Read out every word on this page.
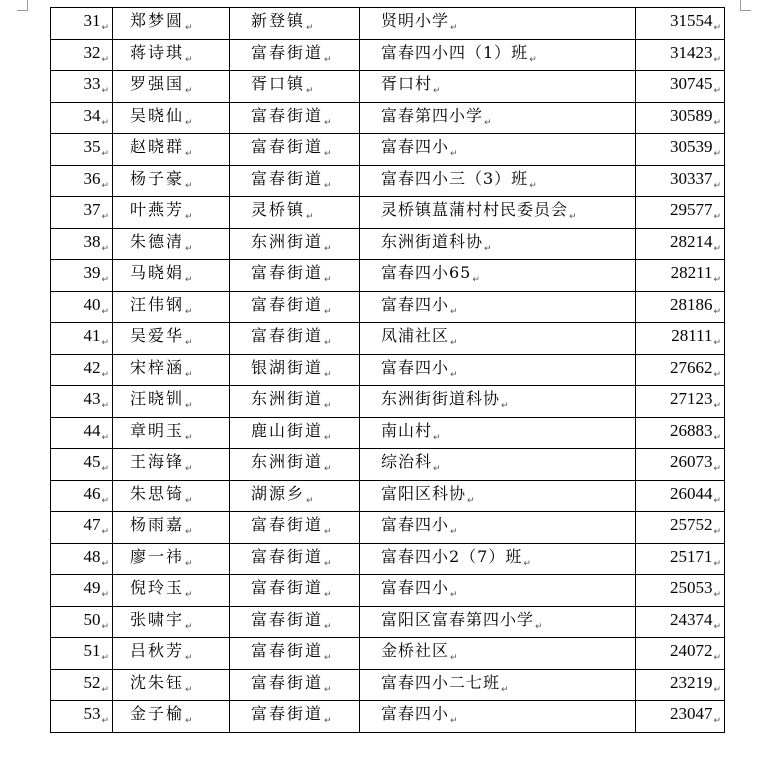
31↵	郑梦圆↵	新登镇↵	贤明小学↵	31554↵
32↵	蒋诗琪↵	富春街道↵	富春四小四（1）班↵	31423↵
33↵	罗强国↵	胥口镇↵	胥口村↵	30745↵
34↵	吴晓仙↵	富春街道↵	富春第四小学↵	30589↵
35↵	赵晓群↵	富春街道↵	富春四小↵	30539↵
36↵	杨子豪↵	富春街道↵	富春四小三（3）班↵	30337↵
37↵	叶燕芳↵	灵桥镇↵	灵桥镇蒀蒲村村民委员会↵	29577↵
38↵	朱德清↵	东洲街道↵	东洲街道科协↵	28214↵
39↵	马晓娟↵	富春街道↵	富春四小65↵	28211↵
40↵	汪伟钢↵	富春街道↵	富春四小↵	28186↵
41↵	吴爱华↵	富春街道↵	凤浦社区↵	28111↵
42↵	宋梓涵↵	银湖街道↵	富春四小↵	27662↵
43↵	汪晓钏↵	东洲街道↵	东洲街街道科协↵	27123↵
44↵	章明玉↵	鹿山街道↵	南山村↵	26883↵
45↵	王海锋↵	东洲街道↵	综治科↵	26073↵
46↵	朱思锜↵	湖源乡↵	富阳区科协↵	26044↵
47↵	杨雨嘉↵	富春街道↵	富春四小↵	25752↵
48↵	廖一祎↵	富春街道↵	富春四小2（7）班↵	25171↵
49↵	倪玲玉↵	富春街道↵	富春四小↵	25053↵
50↵	张啸宇↵	富春街道↵	富阳区富春第四小学↵	24374↵
51↵	吕秋芳↵	富春街道↵	金桥社区↵	24072↵
52↵	沈朱钰↵	富春街道↵	富春四小二七班↵	23219↵
53↵	金子榆↵	富春街道↵	富春四小↵	23047↵
